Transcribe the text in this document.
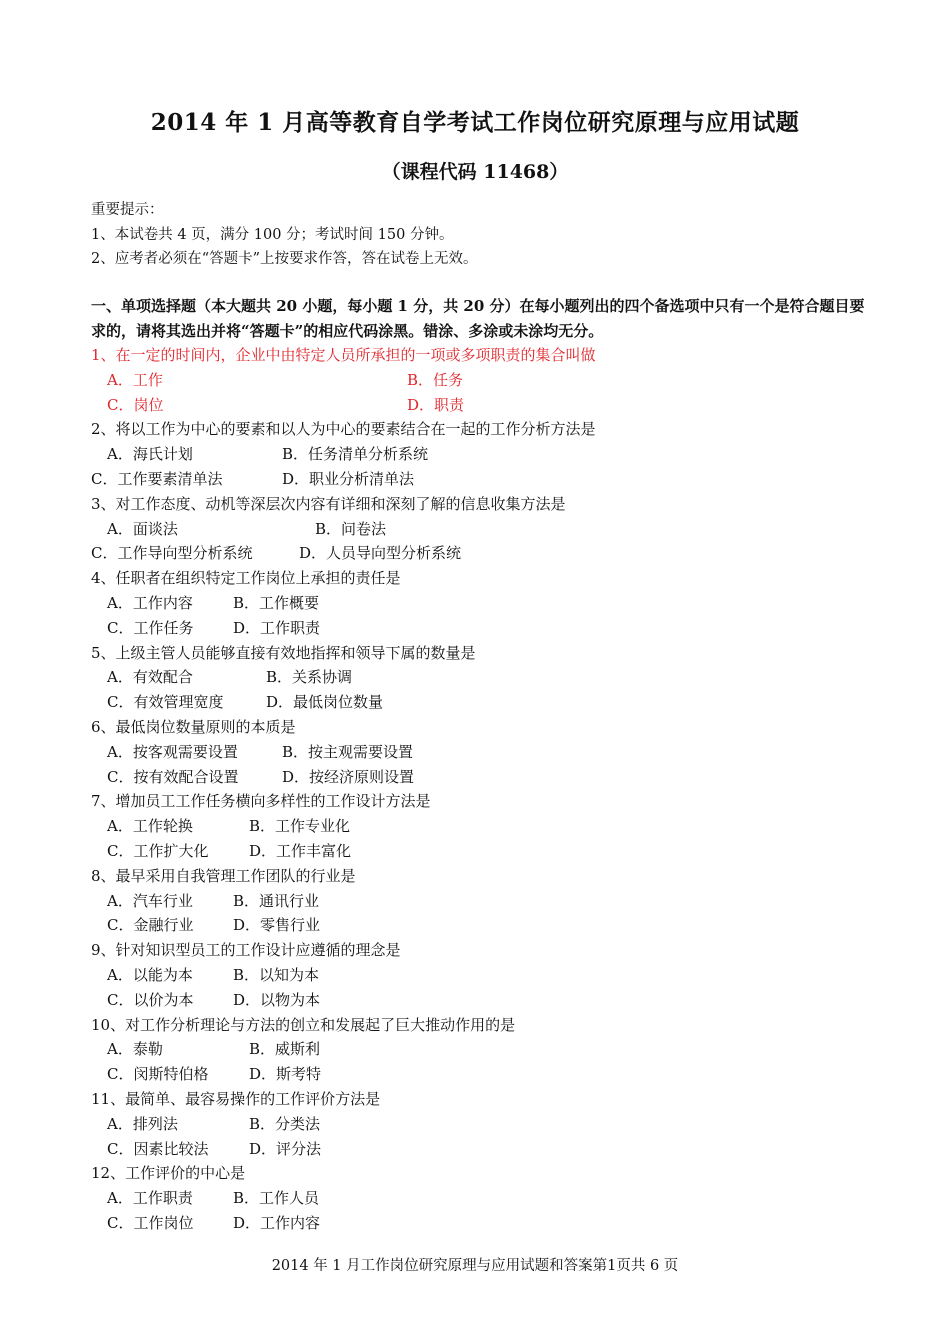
2014 年 1 月高等教育自学考试工作岗位研究原理与应用试题
（课程代码 11468）
重要提示：
1、本试卷共 4 页，满分 100 分；考试时间 150 分钟。
2、应考者必须在“答题卡”上按要求作答，答在试卷上无效。
一、单项选择题（本大题共 20 小题，每小题 1 分，共 20 分）在每小题列出的四个备选项中只有一个是符合题目要求的，请将其选出并将“答题卡”的相应代码涂黑。错涂、多涂或未涂均无分。
1、在一定的时间内，企业中由特定人员所承担的一项或多项职责的集合叫做
A．工作	B．任务
C．岗位	D．职责
2、将以工作为中心的要素和以人为中心的要素结合在一起的工作分析方法是
A．海氏计划	B．任务清单分析系统
C．工作要素清单法	D．职业分析清单法
3、对工作态度、动机等深层次内容有详细和深刻了解的信息收集方法是
A．面谈法	B．问卷法
C．工作导向型分析系统	D．人员导向型分析系统
4、任职者在组织特定工作岗位上承担的责任是
A．工作内容	B．工作概要
C．工作任务	D．工作职责
5、上级主管人员能够直接有效地指挥和领导下属的数量是
A．有效配合	B．关系协调
C．有效管理宽度	D．最低岗位数量
6、最低岗位数量原则的本质是
A．按客观需要设置	B．按主观需要设置
C．按有效配合设置	D．按经济原则设置
7、增加员工工作任务横向多样性的工作设计方法是
A．工作轮换	B．工作专业化
C．工作扩大化	D．工作丰富化
8、最早采用自我管理工作团队的行业是
A．汽车行业	B．通讯行业
C．金融行业	D．零售行业
9、针对知识型员工的工作设计应遵循的理念是
A．以能为本	B．以知为本
C．以价为本	D．以物为本
10、对工作分析理论与方法的创立和发展起了巨大推动作用的是
A．泰勒	B．威斯利
C．闵斯特伯格	D．斯考特
11、最简单、最容易操作的工作评价方法是
A．排列法	B．分类法
C．因素比较法	D．评分法
12、工作评价的中心是
A．工作职责	B．工作人员
C．工作岗位	D．工作内容
2014 年 1 月工作岗位研究原理与应用试题和答案第1页共 6 页
